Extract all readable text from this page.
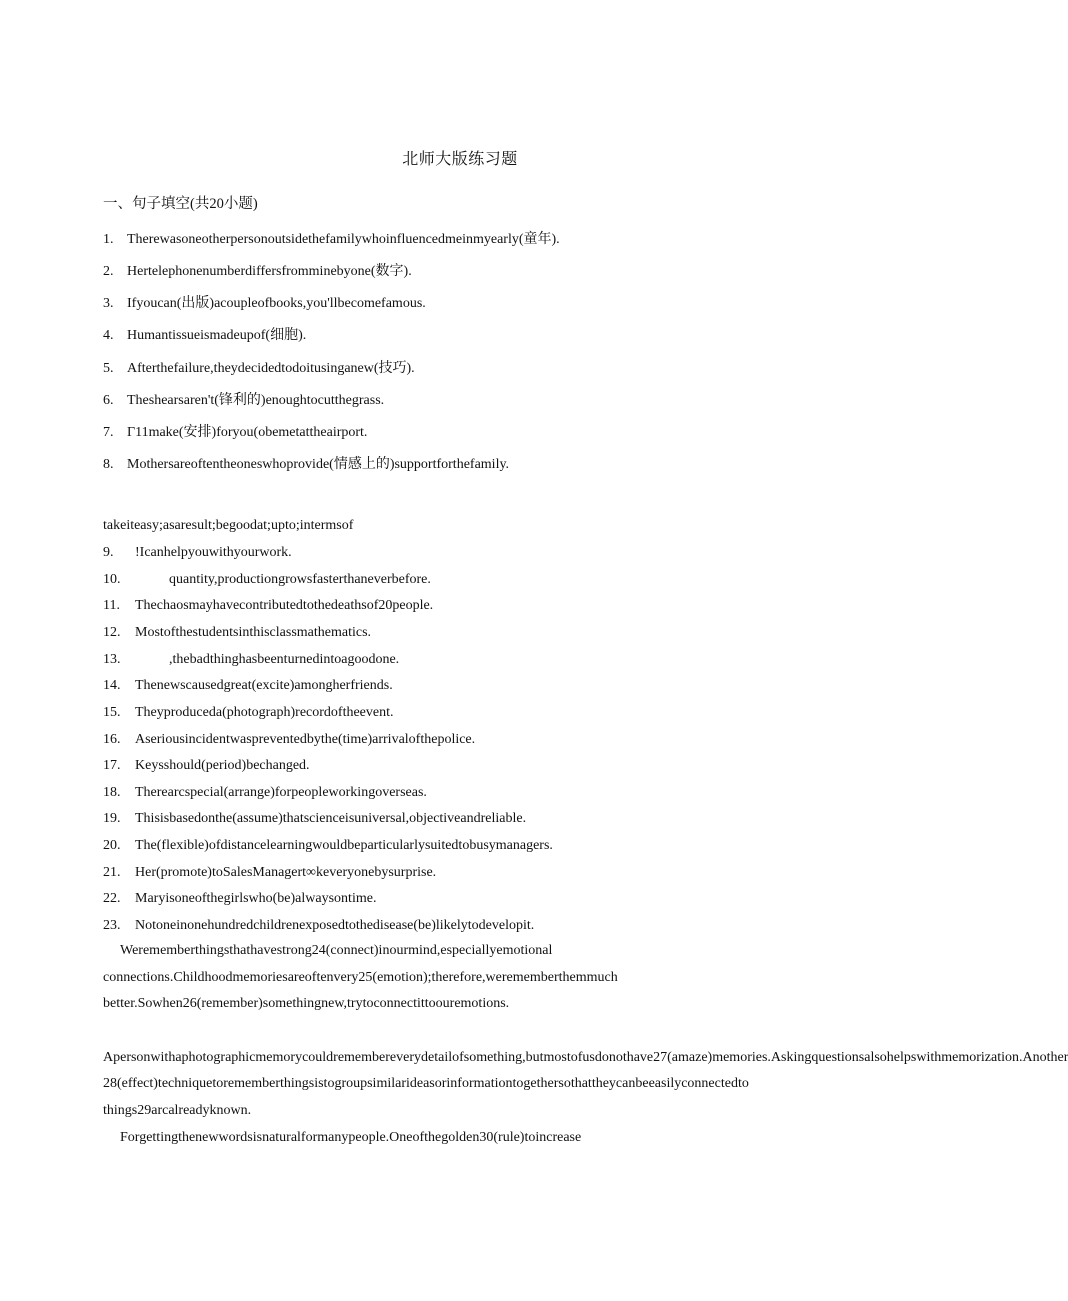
北师大版练习题
一、句子填空(共20小题)
1. Therewasoneotherpersonoutsidethefamilywhoinfluencedmeinmyearly(童年).
2. Hertelephonenumberdiffersfrommineby​one(数字).
3. Ifyoucan(出版)acoupleofbooks,you'llbecomefamous.
4. Humantissueismadeupof(细胞).
5. Afterthefailure,theydecidedtodoitusinganew(技巧).
6. Theshearsaren't(锋利的)enoughtocutthegrass.
7. Γ11make(安排)foryou(obemetattheairport.
8. Mothersareoftentheoneswhoprovide(情感上的)supportforthefamily.
takeiteasy;asaresult;begoodat;upto;intermsof
9. !Icanhelpyouwithyourwork.
10.	quantity,productiongrowsfasterthaneverbefore.
11. Thechaosmayhavecontributedtothedeathsof20people.
12. Mostofthestudentsinthisclassmathematics.
13.	,thebadthinghasbeenturnedintoagoodone.
14. Thenewscausedgreat(excite)amongherfriends.
15. Theyproduceda(photograph)recordoftheevent.
16. Aseriousincidentwaspreventedbythe(time)arrivalofthepolice.
17. Keysshould(period)bechanged.
18. Therearcspecial(arrange)forpeopleworkingoverseas.
19. Thisisbasedonthe(assume)thatscienceisuniversal,objectiveandreliable.
20. The(flexible)ofdistancelearningwouldbeparticularlysuitedtobusymanagers.
21. Her(promote)toSalesManagert∞keveryonebysurprise.
22. Maryisoneofthegirlswho(be)alwaysontime.
23. Notoneinonehundredchildrenexposedtothedisease(be)likelytodevelopit.
Werememberthingsthathavestrong24(connect)inourmind,especiallyemotional connections.Childhoodmemoriesareoftenvery25(emotion);therefore,werememberthemmuch better.Sowhen26(remember)somethingnew,trytoconnectittoouremotions.
Apersonwithaphotographicmemorycouldremembereverydetailofsomething,butmostofusdonothave27(amaze)memories.Askingquestionsalsohelpswithmemorization.Another 28(effect)techniquetoremember​thingsistogroupsimilarideasorinformationtogethersothattheycanbeeasilyconnectedto things29arcalreadyknown.
Forgettingthenewwordsisnaturalformanypeople.Oneofthegolden30(rule)toincrease
